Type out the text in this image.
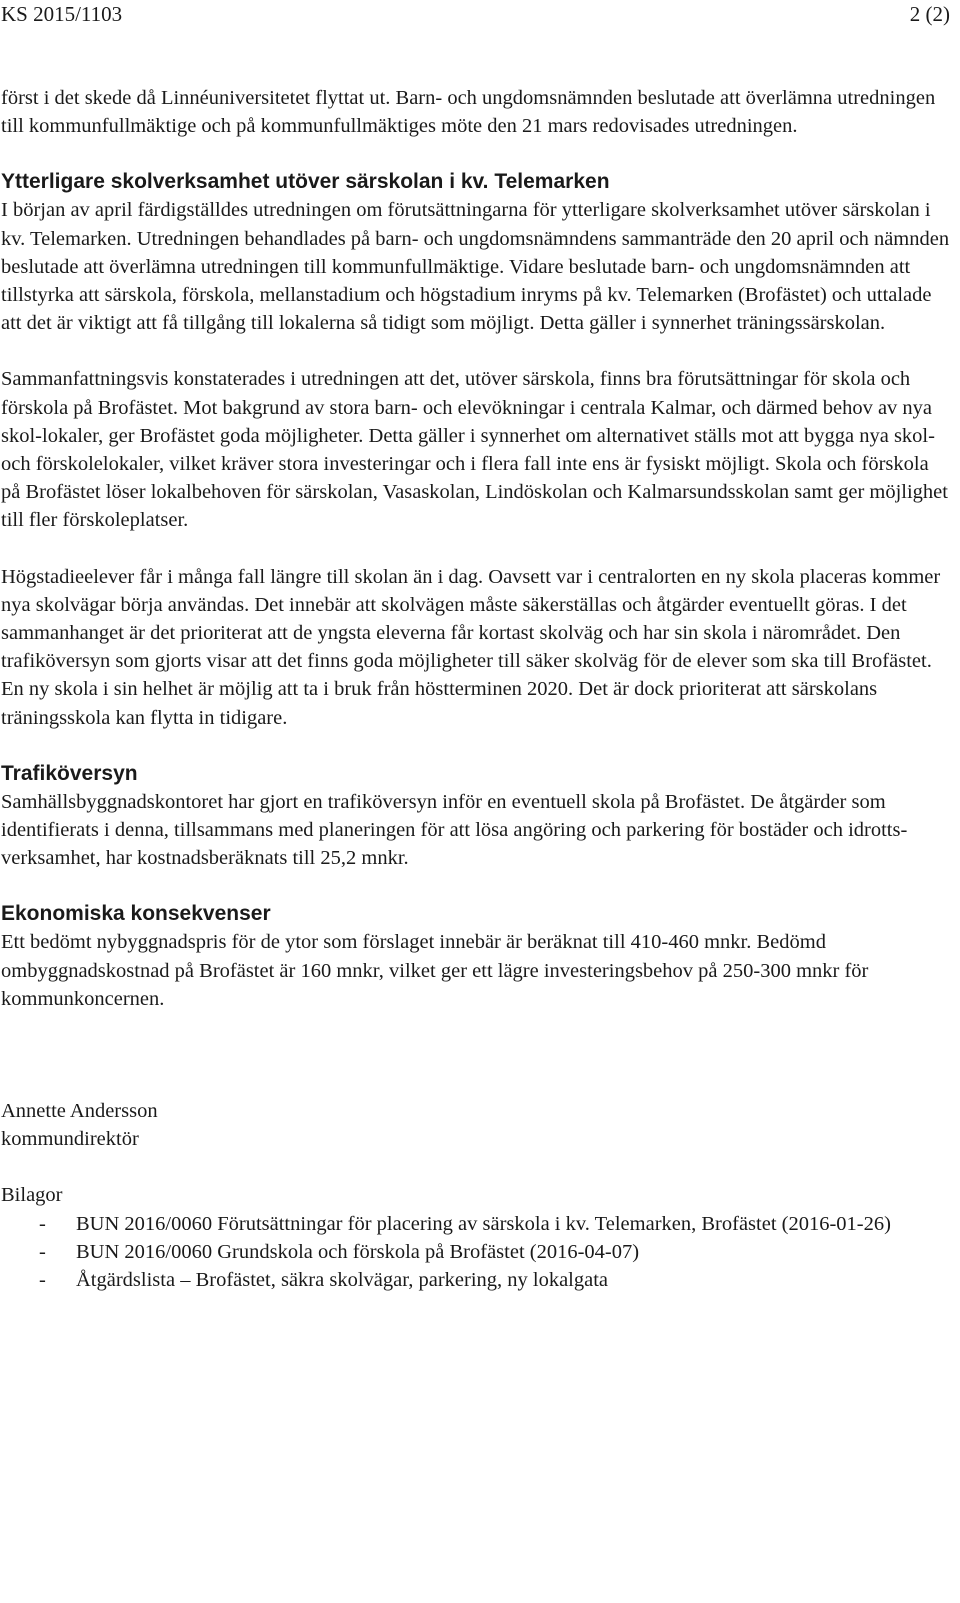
KS 2015/1103	2 (2)

först i det skede då Linnéuniversitetet flyttat ut. Barn- och ungdomsnämnden beslutade att överlämna utredningen till kommunfullmäktige och på kommunfullmäktiges möte den 21 mars redovisades utredningen.

Ytterligare skolverksamhet utöver särskolan i kv. Telemarken

I början av april färdigställdes utredningen om förutsättningarna för ytterligare skolverksamhet utöver särskolan i kv. Telemarken. Utredningen behandlades på barn- och ungdomsnämndens sammanträde den 20 april och nämnden beslutade att överlämna utredningen till kommunfullmäktige. Vidare beslutade barn- och ungdomsnämnden att tillstyrka att särskola, förskola, mellanstadium och högstadium inryms på kv. Telemarken (Brofästet) och uttalade att det är viktigt att få tillgång till lokalerna så tidigt som möjligt. Detta gäller i synnerhet träningssärskolan.

Sammanfattningsvis konstaterades i utredningen att det, utöver särskola, finns bra förutsättningar för skola och förskola på Brofästet. Mot bakgrund av stora barn- och elevökningar i centrala Kalmar, och därmed behov av nya skol-lokaler, ger Brofästet goda möjligheter. Detta gäller i synnerhet om alternativet ställs mot att bygga nya skol- och förskolelokaler, vilket kräver stora investeringar och i flera fall inte ens är fysiskt möjligt. Skola och förskola på Brofästet löser lokalbehoven för särskolan, Vasaskolan, Lindöskolan och Kalmarsundsskolan samt ger möjlighet till fler förskoleplatser.

Högstadieelever får i många fall längre till skolan än i dag. Oavsett var i centralorten en ny skola placeras kommer nya skolvägar börja användas. Det innebär att skolvägen måste säkerställas och åtgärder eventuellt göras. I det sammanhanget är det prioriterat att de yngsta eleverna får kortast skolväg och har sin skola i närområdet. Den trafiköversyn som gjorts visar att det finns goda möjligheter till säker skolväg för de elever som ska till Brofästet. En ny skola i sin helhet är möjlig att ta i bruk från höstterminen 2020. Det är dock prioriterat att särskolans träningsskola kan flytta in tidigare.

Trafiköversyn

Samhällsbyggnadskontoret har gjort en trafiköversyn inför en eventuell skola på Brofästet. De åtgärder som identifierats i denna, tillsammans med planeringen för att lösa angöring och parkering för bostäder och idrotts-verksamhet, har kostnadsberäknats till 25,2 mnkr.

Ekonomiska konsekvenser

Ett bedömt nybyggnadspris för de ytor som förslaget innebär är beräknat till 410-460 mnkr. Bedömd ombyggnadskostnad på Brofästet är 160 mnkr, vilket ger ett lägre investeringsbehov på 250-300 mnkr för kommunkoncernen.

Annette Andersson

kommundirektör

Bilagor

- BUN 2016/0060 Förutsättningar för placering av särskola i kv. Telemarken, Brofästet (2016-01-26)
- BUN 2016/0060 Grundskola och förskola på Brofästet (2016-04-07)
- Åtgärdslista – Brofästet, säkra skolvägar, parkering, ny lokalgata
